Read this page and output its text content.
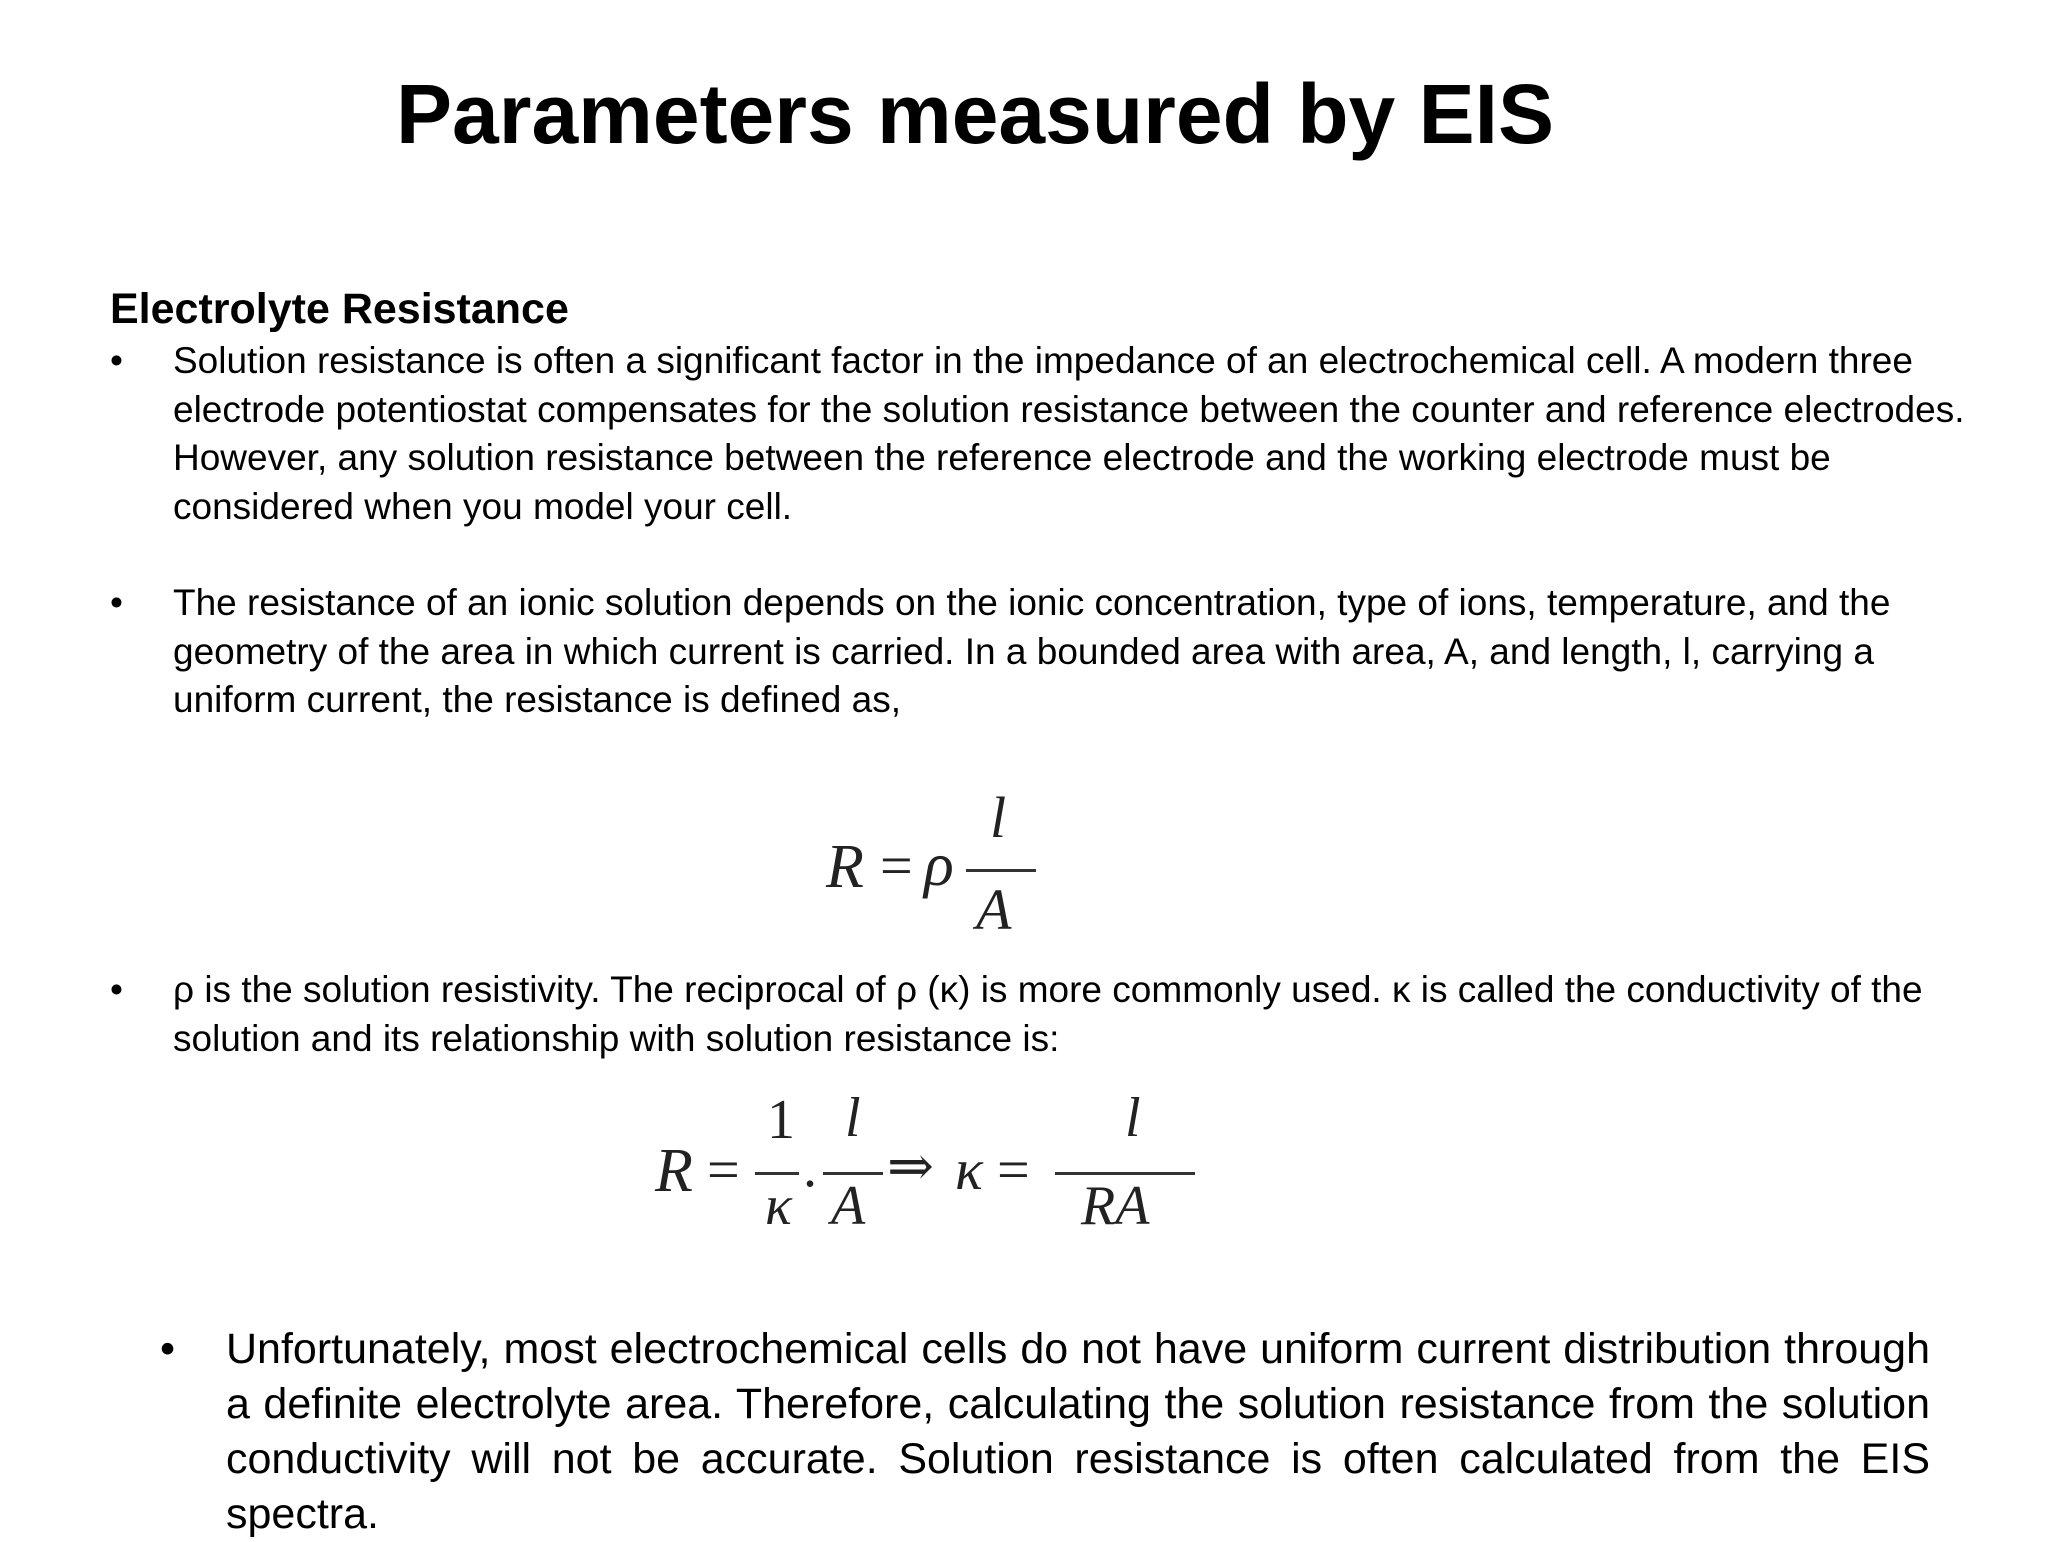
Parameters measured by EIS
Electrolyte Resistance
•	Solution resistance is often a significant factor in the impedance of an electrochemical cell. A modern three electrode potentiostat compensates for the solution resistance between the counter and reference electrodes. However, any solution resistance between the reference electrode and the working electrode must be considered when you model your cell.
•	The resistance of an ionic solution depends on the ionic concentration, type of ions, temperature, and the geometry of the area in which current is carried. In a bounded area with area, A, and length, l, carrying a uniform current, the resistance is defined as,
R = ρ
l
A
•	ρ is the solution resistivity. The reciprocal of ρ (κ) is more commonly used. κ is called the conductivity of the solution and its relationship with solution resistance is:
R =
1
κ
.
l
A
⇒ κ =
l
RA
• Unfortunately, most electrochemical cells do not have uniform current distribution through a definite electrolyte area. Therefore, calculating the solution resistance from the solution conductivity will not be accurate. Solution resistance is often calculated from the EIS spectra.
